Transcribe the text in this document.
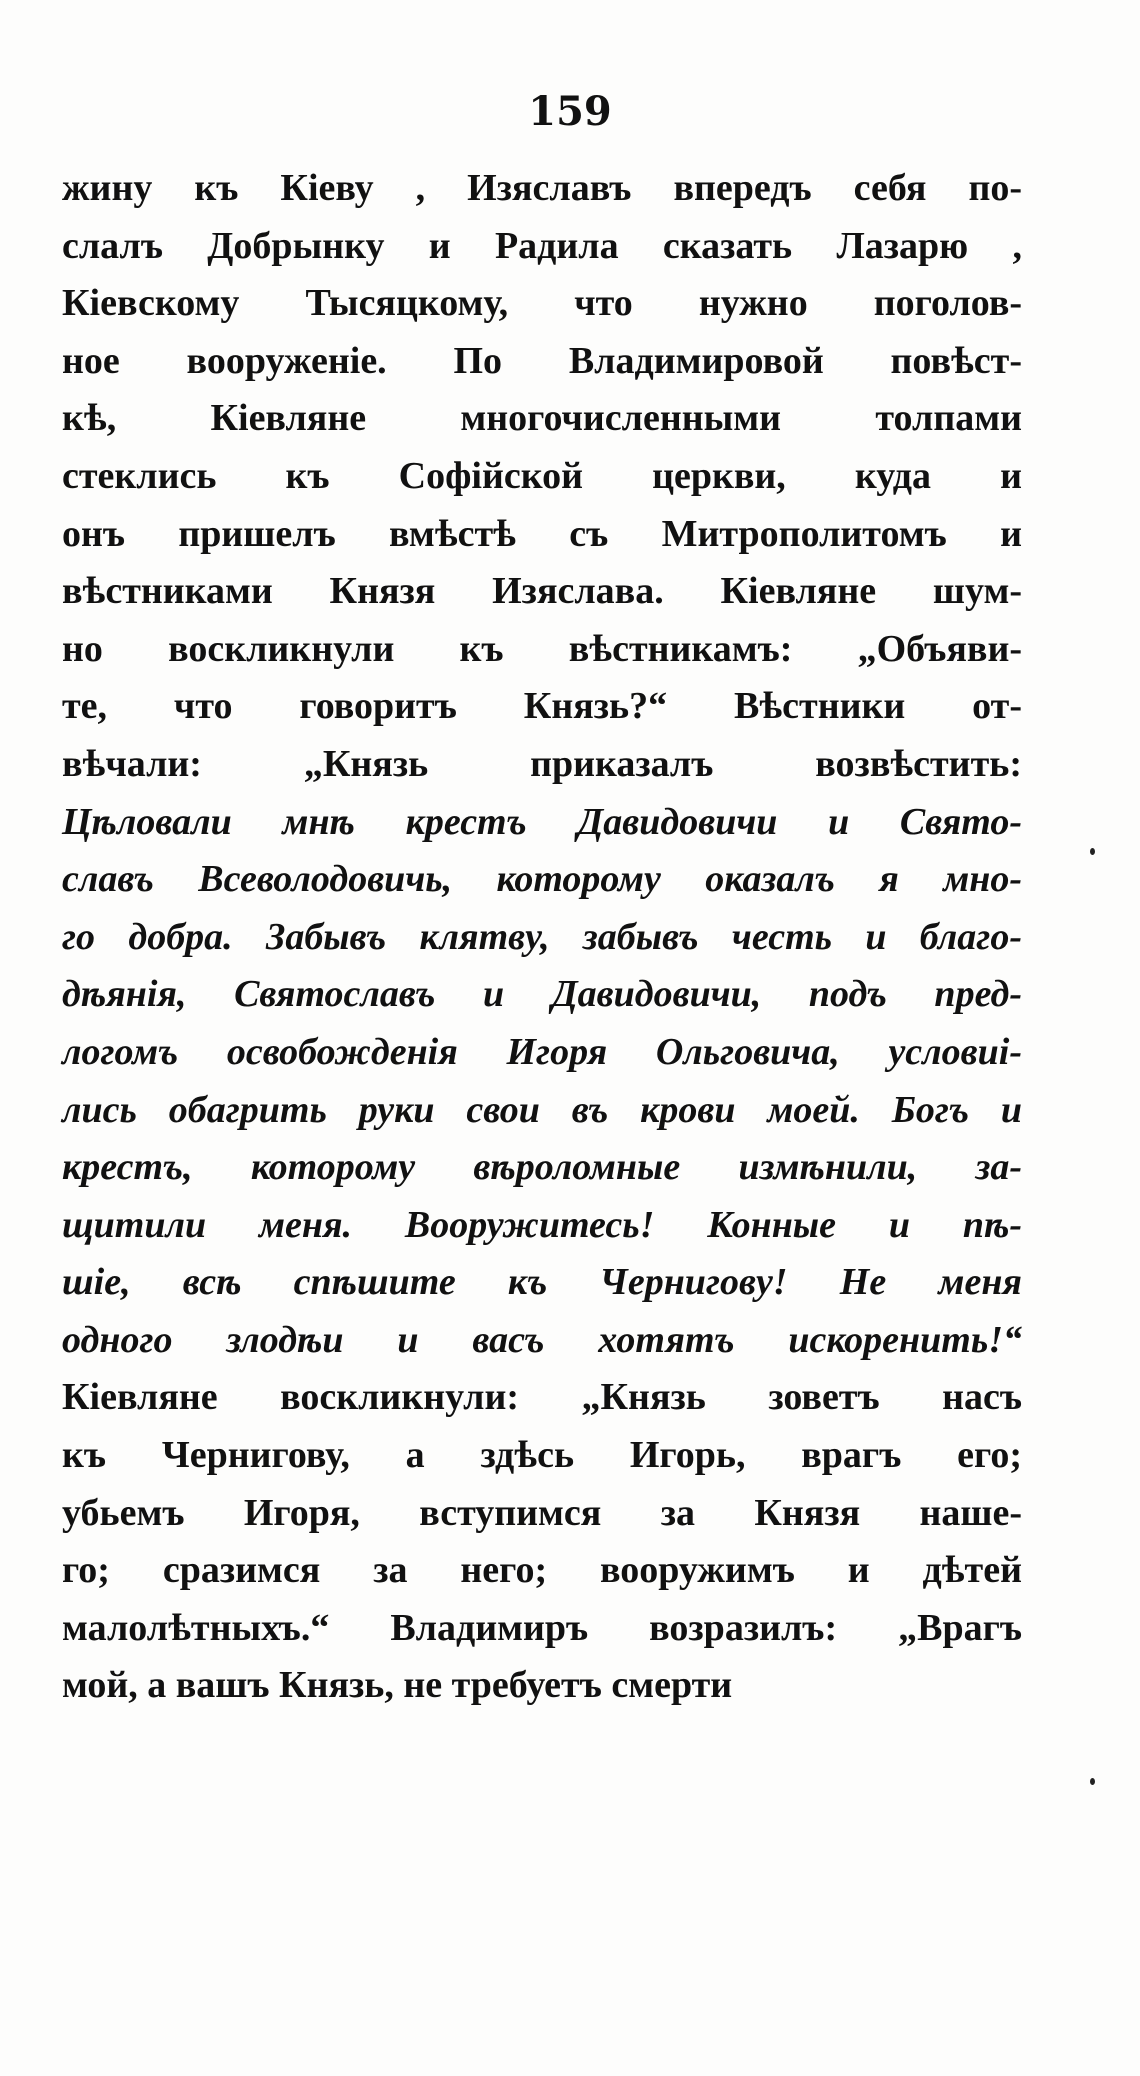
159
жину къ Кіеву , Изяславъ впередъ себя по-
слалъ Добрынку и Радила сказать Лазарю ,
Кіевскому Тысяцкому, что нужно поголов-
ное вооруженіе. По Владимировой повѣст-
кѣ, Кіевляне многочисленными толпами
стеклись къ Софійской церкви, куда и
онъ пришелъ вмѣстѣ съ Митрополитомъ и
вѣстниками Князя Изяслава. Кіевляне шум-
но воскликнули къ вѣстникамъ: „Объяви-
те, что говоритъ Князь?“ Вѣстники от-
вѣчали: „Князь приказалъ возвѣстить:
Цѣловали мнѣ крестъ Давидовичи и Свято-
славъ Всеволодовичь, которому оказалъ я мно-
го добра. Забывъ клятву, забывъ честь и благо-
дѣянія, Святославъ и Давидовичи, подъ пред-
логомъ освобожденія Игоря Ольговича, условиі-
лись обагрить руки свои въ крови моей. Богъ и
крестъ, которому вѣроломные измѣнили, за-
щитили меня. Вооружитесь! Конные и пѣ-
шіе, всѣ спѣшите къ Чернигову! Не меня
одного злодѣи и васъ хотятъ искоренить!“
Кіевляне воскликнули: „Князь зоветъ насъ
къ Чернигову, а здѣсь Игорь, врагъ его;
убьемъ Игоря, вступимся за Князя наше-
го; сразимся за него; вооружимъ и дѣтей
малолѣтныхъ.“ Владимиръ возразилъ: „Врагъ
мой, а вашъ Князь, не требуетъ смерти
